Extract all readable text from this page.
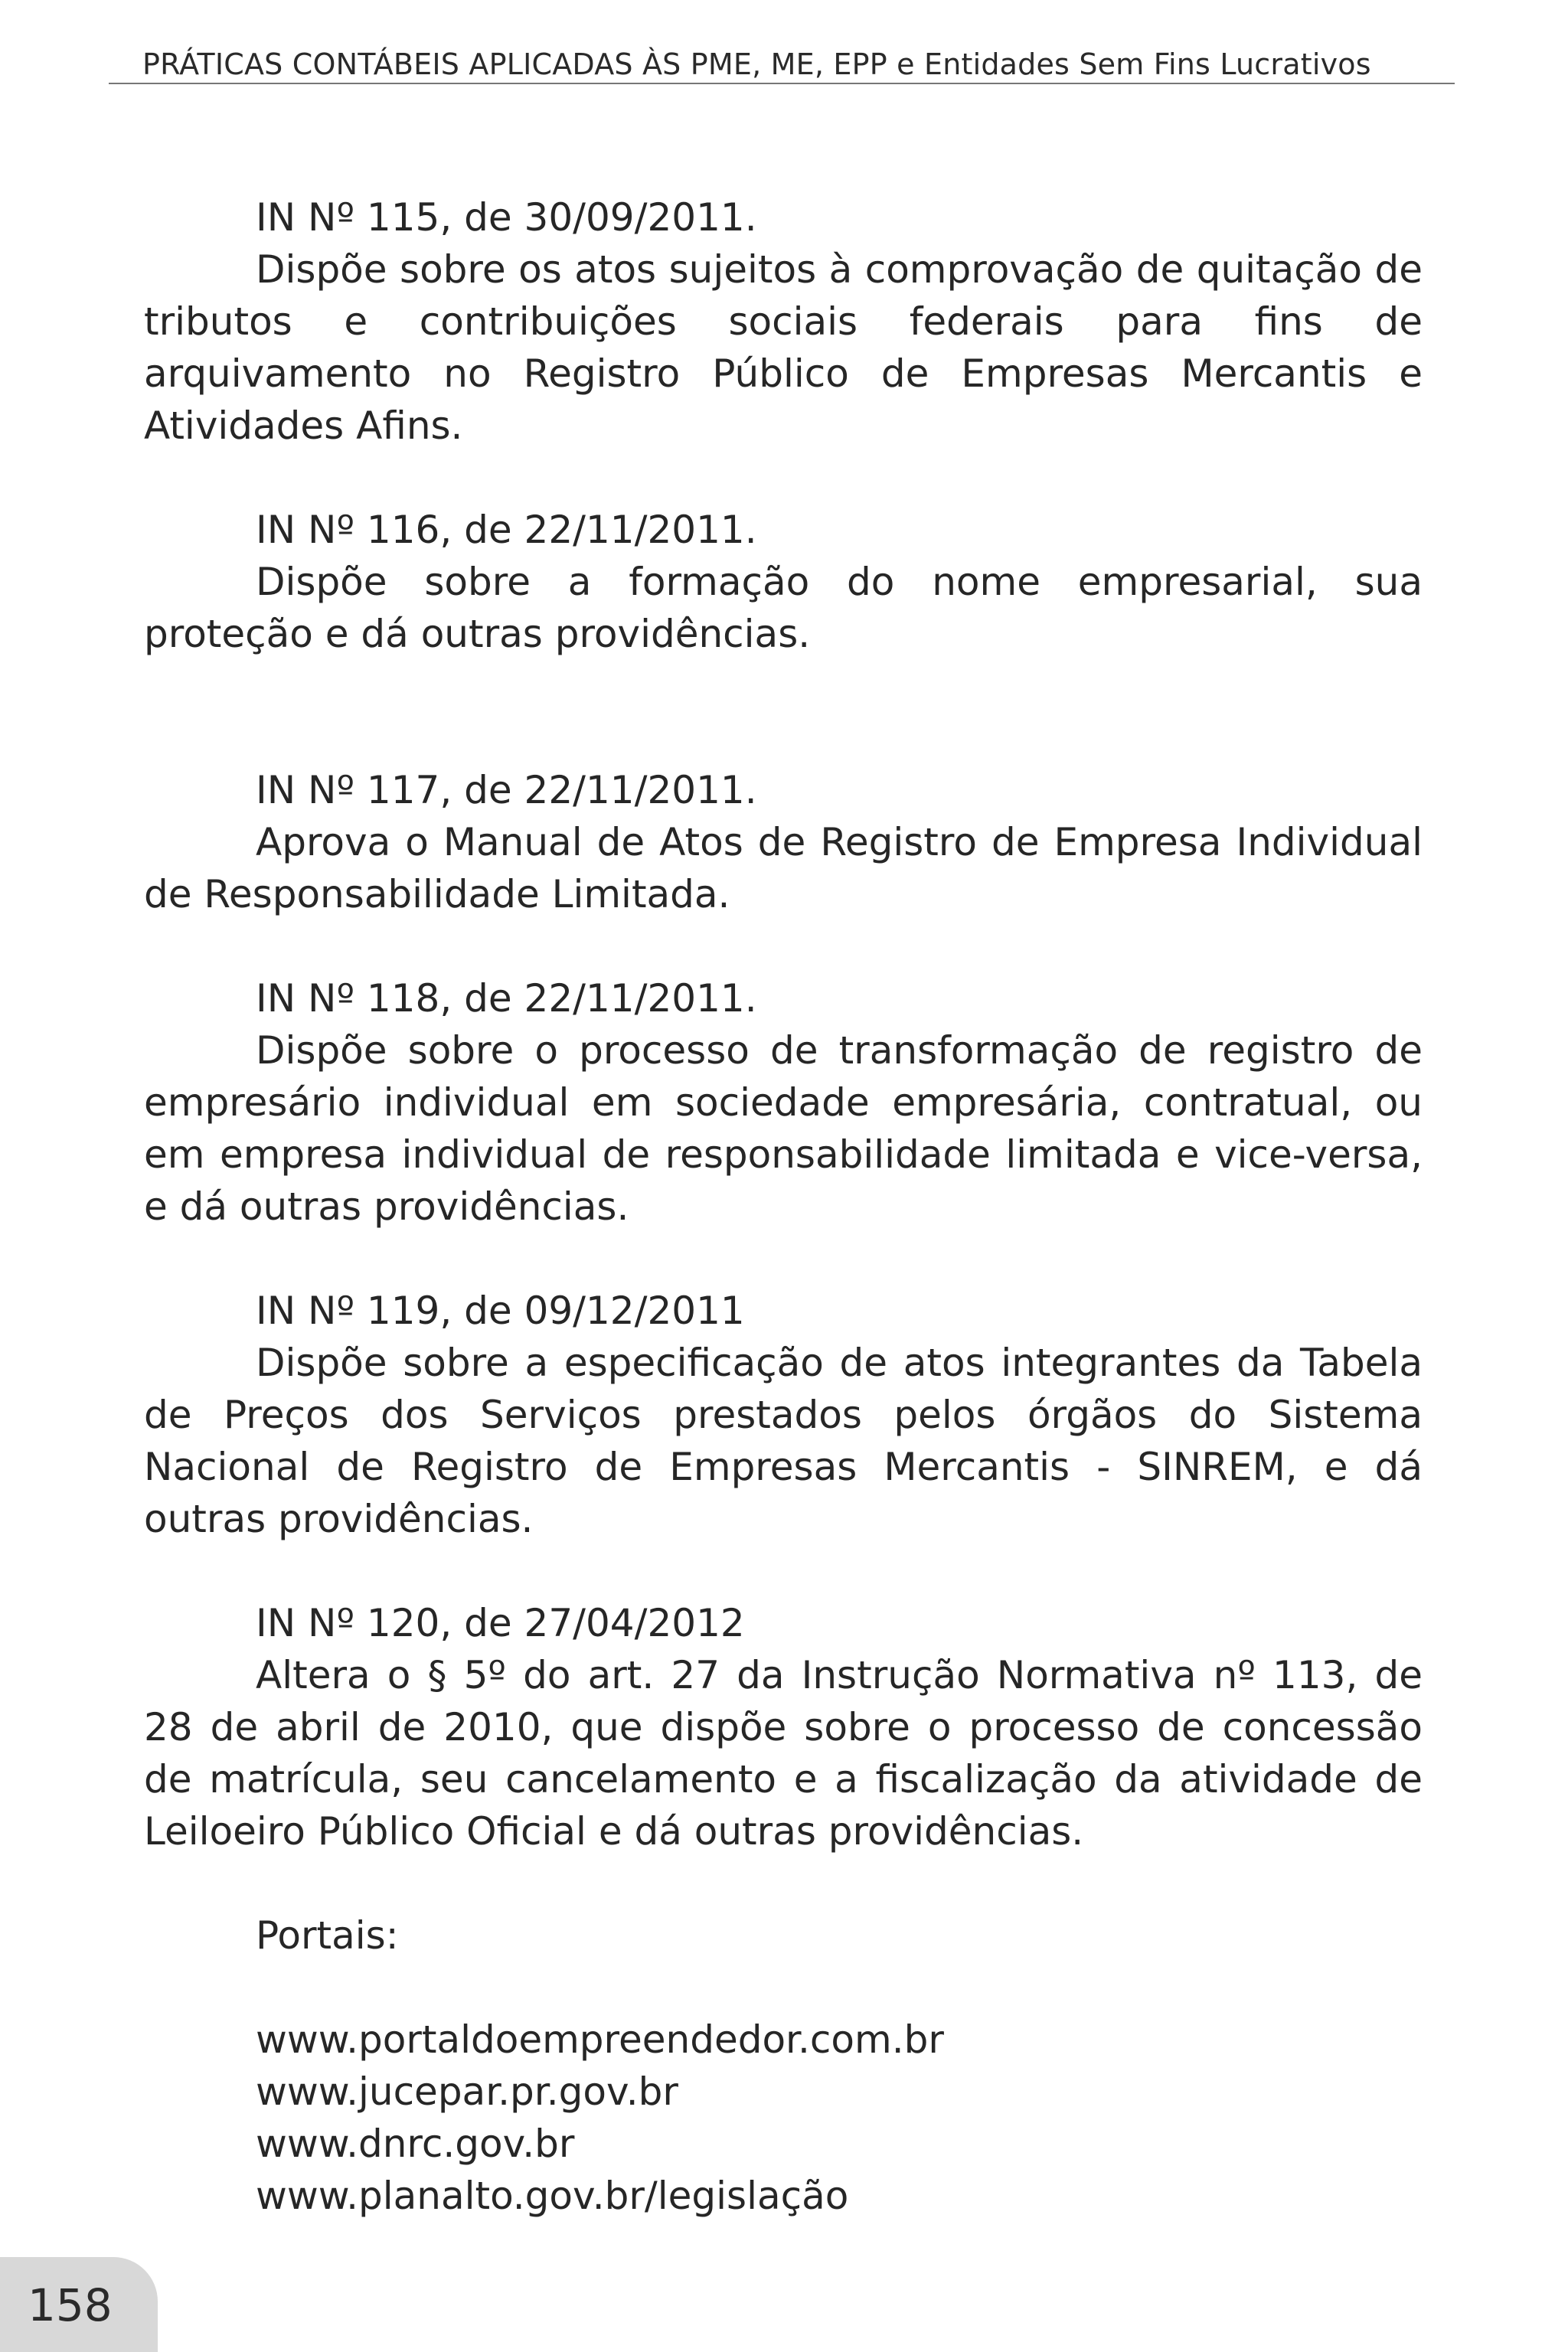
PRÁTICAS CONTÁBEIS APLICADAS ÀS PME, ME, EPP e Entidades Sem Fins Lucrativos

IN Nº 115, de 30/09/2011.

Dispõe sobre os atos sujeitos à comprovação de quitação de tributos e contribuições sociais federais para fins de arquivamento no Registro Público de Empresas Mercantis e Atividades Afins.

IN Nº 116, de 22/11/2011.

Dispõe sobre a formação do nome empresarial, sua proteção e dá outras providências.

IN Nº 117, de 22/11/2011.

Aprova o Manual de Atos de Registro de Empresa Individual de Responsabilidade Limitada.

IN Nº 118, de 22/11/2011.

Dispõe sobre o processo de transformação de registro de empresário individual em sociedade empresária, contratual, ou em empresa individual de responsabilidade limitada e vice-versa, e dá outras providências.

IN Nº 119, de 09/12/2011

Dispõe sobre a especificação de atos integrantes da Tabela de Preços dos Serviços prestados pelos órgãos do Sistema Nacional de Registro de Empresas Mercantis - SINREM, e dá outras providências.

IN Nº 120, de 27/04/2012

Altera o § 5º do art. 27 da Instrução Normativa nº 113, de 28 de abril de 2010, que dispõe sobre o processo de concessão de matrícula, seu cancelamento e a fiscalização da atividade de Leiloeiro Público Oficial e dá outras providências.

Portais:

www.portaldoempreendedor.com.br
www.jucepar.pr.gov.br
www.dnrc.gov.br
www.planalto.gov.br/legislação
158
